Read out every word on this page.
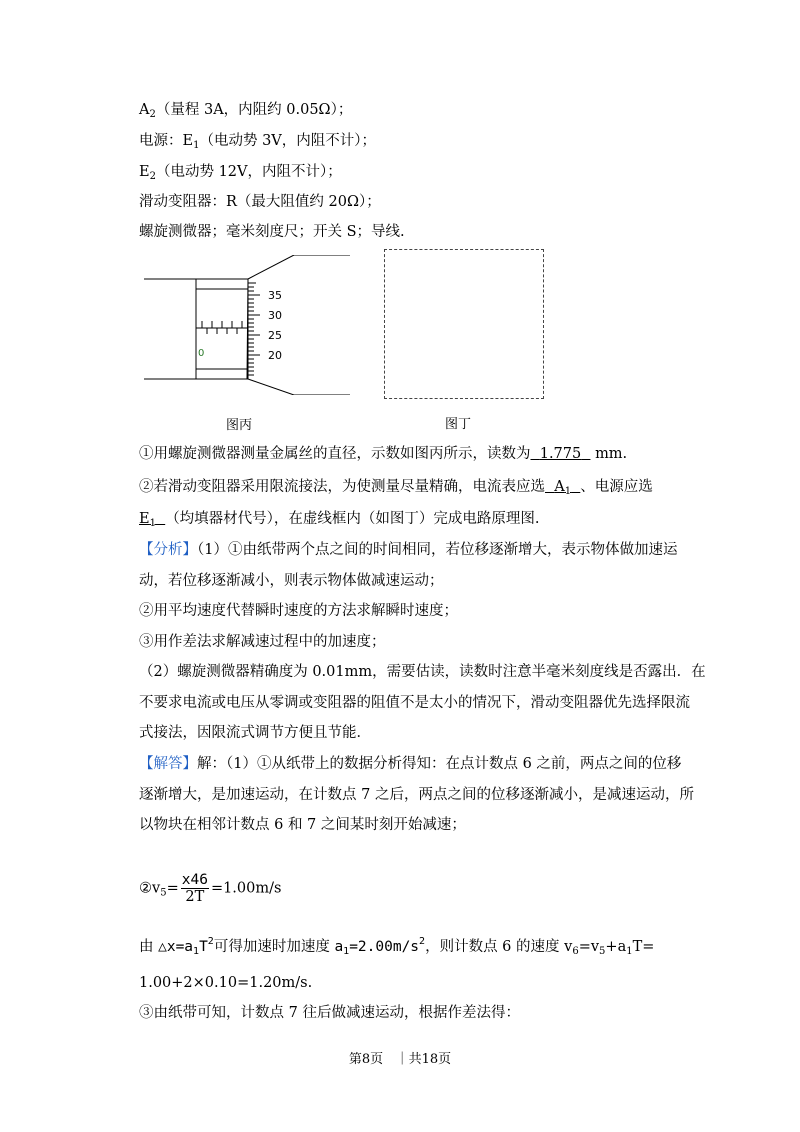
$A_2$（量程 3A，内阻约 0.05Ω）；
电源：$E_1$（电动势 3V，内阻不计）；
$E_2$（电动势 12V，内阻不计）；
滑动变阻器：R（最大阻值约 20Ω）；
螺旋测微器；毫米刻度尺；开关 S；导线.
35
30
25
20
0
图丙	图丁
①用螺旋测微器测量金属丝的直径，示数如图丙所示，读数为 1.775 mm.
②若滑动变阻器采用限流接法，为使测量尽量精确，电流表应选 $A_1$ 、电源应选
$E_1$ （均填器材代号），在虚线框内（如图丁）完成电路原理图.
【分析】（1）①由纸带两个点之间的时间相同，若位移逐渐增大，表示物体做加速运
动，若位移逐渐减小，则表示物体做减速运动；
②用平均速度代替瞬时速度的方法求解瞬时速度；
③用作差法求解减速过程中的加速度；
（2）螺旋测微器精确度为 0.01mm，需要估读，读数时注意半毫米刻度线是否露出．在
不要求电流或电压从零调或变阻器的阻值不是太小的情况下，滑动变阻器优先选择限流
式接法，因限流式调节方便且节能．
【解答】解：（1）①从纸带上的数据分析得知：在点计数点 6 之前，两点之间的位移
逐渐增大，是加速运动，在计数点 7 之后，两点之间的位移逐渐减小，是减速运动，所
以物块在相邻计数点 6 和 7 之间某时刻开始减速；
$②v_5= \frac{x46}{2T} =1.00m/s$
由 $\triangle x=a_1T^2$可得加速时加速度 $a_1=2.00m/s^2$，则计数点 6 的速度 $v_6=v_5+a_1T=$
1.00+2×0.10=1.20m/s.
③由纸带可知，计数点 7 往后做减速运动，根据作差法得：
第8页 ｜共18页
